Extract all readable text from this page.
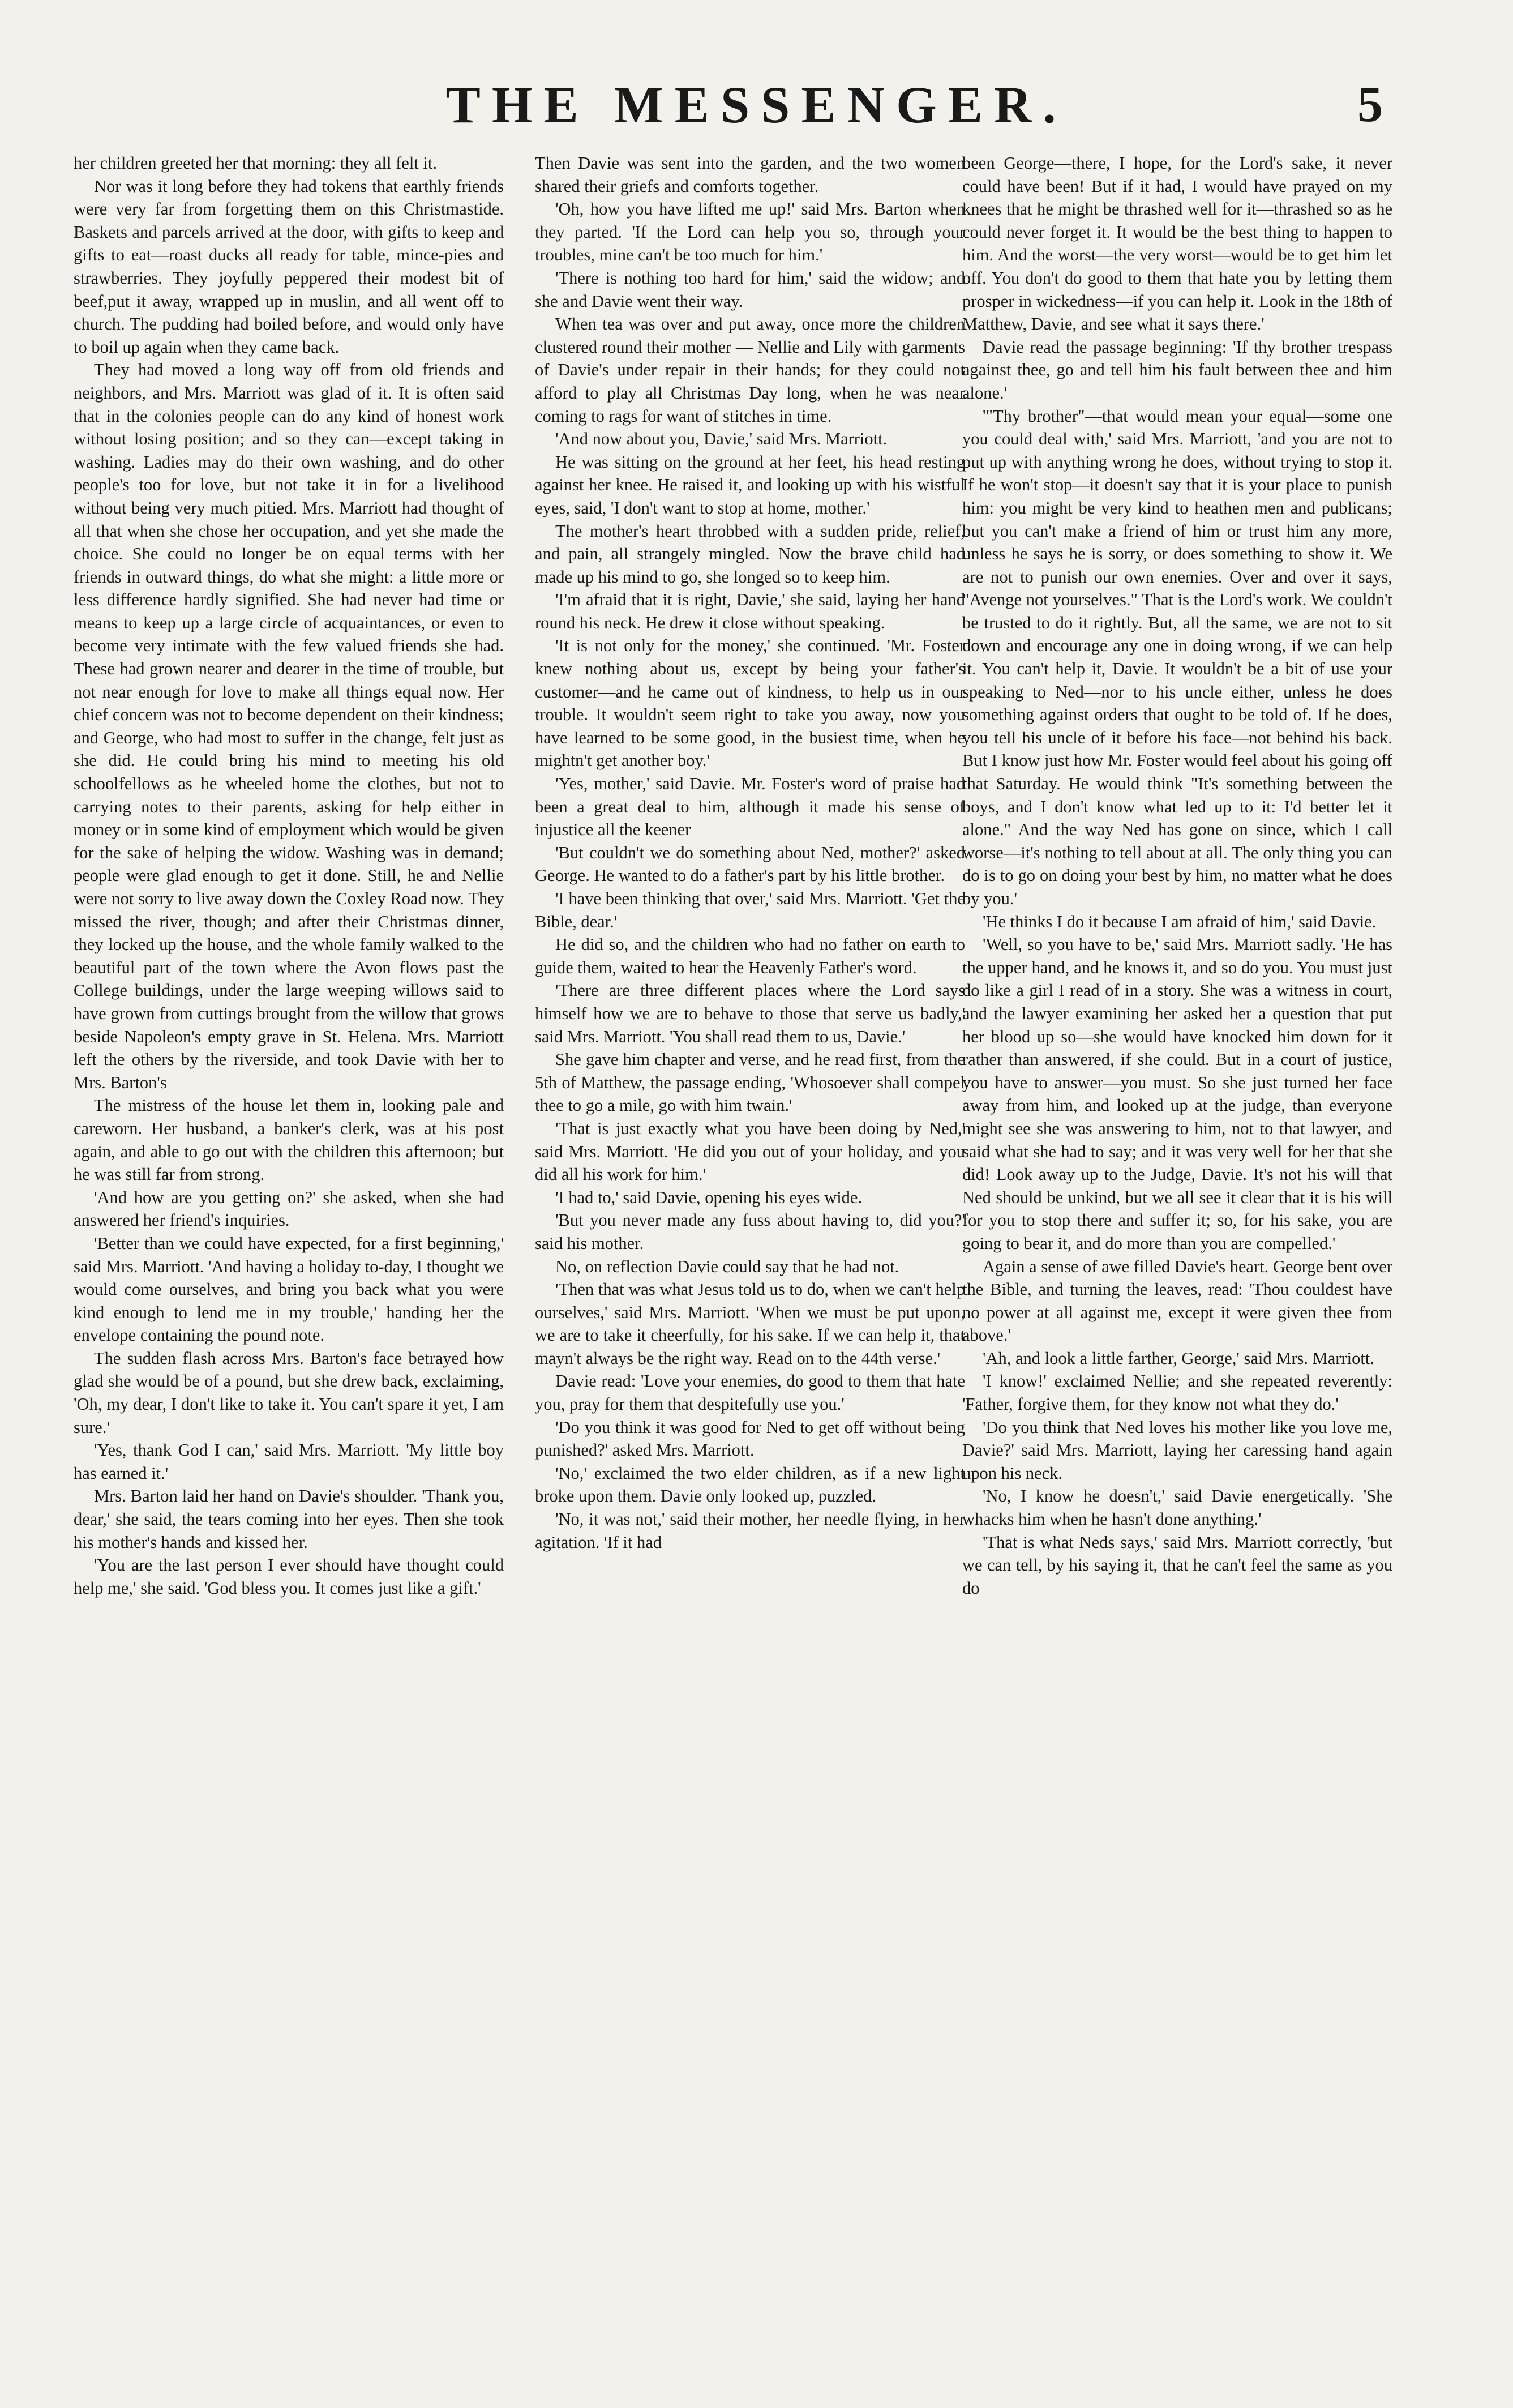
THE MESSENGER.	5

her children greeted her that morning: they all felt it.

Nor was it long before they had tokens that earthly friends were very far from forgetting them on this Christmastide. Baskets and parcels arrived at the door, with gifts to keep and gifts to eat—roast ducks all ready for table, mince-pies and strawberries. They joyfully peppered their modest bit of beef,put it away, wrapped up in muslin, and all went off to church. The pudding had boiled before, and would only have to boil up again when they came back.

They had moved a long way off from old friends and neighbors, and Mrs. Marriott was glad of it. It is often said that in the colonies people can do any kind of honest work without losing position; and so they can—except taking in washing. Ladies may do their own washing, and do other people's too for love, but not take it in for a livelihood without being very much pitied. Mrs. Marriott had thought of all that when she chose her occupation, and yet she made the choice. She could no longer be on equal terms with her friends in outward things, do what she might: a little more or less difference hardly signified. She had never had time or means to keep up a large circle of acquaintances, or even to become very intimate with the few valued friends she had. These had grown nearer and dearer in the time of trouble, but not near enough for love to make all things equal now. Her chief concern was not to become dependent on their kindness; and George, who had most to suffer in the change, felt just as she did. He could bring his mind to meeting his old schoolfellows as he wheeled home the clothes, but not to carrying notes to their parents, asking for help either in money or in some kind of employment which would be given for the sake of helping the widow. Washing was in demand; people were glad enough to get it done. Still, he and Nellie were not sorry to live away down the Coxley Road now. They missed the river, though; and after their Christmas dinner, they locked up the house, and the whole family walked to the beautiful part of the town where the Avon flows past the College buildings, under the large weeping willows said to have grown from cuttings brought from the willow that grows beside Napoleon's empty grave in St. Helena. Mrs. Marriott left the others by the riverside, and took Davie with her to Mrs. Barton's

The mistress of the house let them in, looking pale and careworn. Her husband, a banker's clerk, was at his post again, and able to go out with the children this afternoon; but he was still far from strong.

'And how are you getting on?' she asked, when she had answered her friend's inquiries.

'Better than we could have expected, for a first beginning,' said Mrs. Marriott. 'And having a holiday to-day, I thought we would come ourselves, and bring you back what you were kind enough to lend me in my trouble,' handing her the envelope containing the pound note.

The sudden flash across Mrs. Barton's face betrayed how glad she would be of a pound, but she drew back, exclaiming, 'Oh, my dear, I don't like to take it. You can't spare it yet, I am sure.'

'Yes, thank God I can,' said Mrs. Marriott. 'My little boy has earned it.'

Mrs. Barton laid her hand on Davie's shoulder. 'Thank you, dear,' she said, the tears coming into her eyes. Then she took his mother's hands and kissed her.

'You are the last person I ever should have thought could help me,' she said. 'God bless you. It comes just like a gift.'

Then Davie was sent into the garden, and the two women shared their griefs and comforts together.

'Oh, how you have lifted me up!' said Mrs. Barton when they parted. 'If the Lord can help you so, through your troubles, mine can't be too much for him.'

'There is nothing too hard for him,' said the widow; and she and Davie went their way.

When tea was over and put away, once more the children clustered round their mother — Nellie and Lily with garments of Davie's under repair in their hands; for they could not afford to play all Christmas Day long, when he was near coming to rags for want of stitches in time.

'And now about you, Davie,' said Mrs. Marriott.

He was sitting on the ground at her feet, his head resting against her knee. He raised it, and looking up with his wistful eyes, said, 'I don't want to stop at home, mother.'

The mother's heart throbbed with a sudden pride, relief, and pain, all strangely mingled. Now the brave child had made up his mind to go, she longed so to keep him.

'I'm afraid that it is right, Davie,' she said, laying her hand round his neck. He drew it close without speaking.

'It is not only for the money,' she continued. 'Mr. Foster knew nothing about us, except by being your father's customer—and he came out of kindness, to help us in our trouble. It wouldn't seem right to take you away, now you have learned to be some good, in the busiest time, when he mightn't get another boy.'

'Yes, mother,' said Davie. Mr. Foster's word of praise had been a great deal to him, although it made his sense of injustice all the keener

'But couldn't we do something about Ned, mother?' asked George. He wanted to do a father's part by his little brother.

'I have been thinking that over,' said Mrs. Marriott. 'Get the Bible, dear.'

He did so, and the children who had no father on earth to guide them, waited to hear the Heavenly Father's word.

'There are three different places where the Lord says himself how we are to behave to those that serve us badly,' said Mrs. Marriott. 'You shall read them to us, Davie.'

She gave him chapter and verse, and he read first, from the 5th of Matthew, the passage ending, 'Whosoever shall compel thee to go a mile, go with him twain.'

'That is just exactly what you have been doing by Ned,' said Mrs. Marriott. 'He did you out of your holiday, and you did all his work for him.'

'I had to,' said Davie, opening his eyes wide.

'But you never made any fuss about having to, did you?' said his mother.

No, on reflection Davie could say that he had not.

'Then that was what Jesus told us to do, when we can't help ourselves,' said Mrs. Marriott. 'When we must be put upon, we are to take it cheerfully, for his sake. If we can help it, that mayn't always be the right way. Read on to the 44th verse.'

Davie read: 'Love your enemies, do good to them that hate you, pray for them that despitefully use you.'

'Do you think it was good for Ned to get off without being punished?' asked Mrs. Marriott.

'No,' exclaimed the two elder children, as if a new light broke upon them. Davie only looked up, puzzled.

'No, it was not,' said their mother, her needle flying, in her agitation. 'If it had

been George—there, I hope, for the Lord's sake, it never could have been! But if it had, I would have prayed on my knees that he might be thrashed well for it—thrashed so as he could never forget it. It would be the best thing to happen to him. And the worst—the very worst—would be to get him let off. You don't do good to them that hate you by letting them prosper in wickedness—if you can help it. Look in the 18th of Matthew, Davie, and see what it says there.'

Davie read the passage beginning: 'If thy brother trespass against thee, go and tell him his fault between thee and him alone.'

'"Thy brother"—that would mean your equal—some one you could deal with,' said Mrs. Marriott, 'and you are not to put up with anything wrong he does, without trying to stop it. If he won't stop—it doesn't say that it is your place to punish him: you might be very kind to heathen men and publicans; but you can't make a friend of him or trust him any more, unless he says he is sorry, or does something to show it. We are not to punish our own enemies. Over and over it says, "Avenge not yourselves." That is the Lord's work. We couldn't be trusted to do it rightly. But, all the same, we are not to sit down and encourage any one in doing wrong, if we can help it. You can't help it, Davie. It wouldn't be a bit of use your speaking to Ned—nor to his uncle either, unless he does something against orders that ought to be told of. If he does, you tell his uncle of it before his face—not behind his back. But I know just how Mr. Foster would feel about his going off that Saturday. He would think "It's something between the boys, and I don't know what led up to it: I'd better let it alone." And the way Ned has gone on since, which I call worse—it's nothing to tell about at all. The only thing you can do is to go on doing your best by him, no matter what he does by you.'

'He thinks I do it because I am afraid of him,' said Davie.

'Well, so you have to be,' said Mrs. Marriott sadly. 'He has the upper hand, and he knows it, and so do you. You must just do like a girl I read of in a story. She was a witness in court, and the lawyer examining her asked her a question that put her blood up so—she would have knocked him down for it rather than answered, if she could. But in a court of justice, you have to answer—you must. So she just turned her face away from him, and looked up at the judge, than everyone might see she was answering to him, not to that lawyer, and said what she had to say; and it was very well for her that she did! Look away up to the Judge, Davie. It's not his will that Ned should be unkind, but we all see it clear that it is his will for you to stop there and suffer it; so, for his sake, you are going to bear it, and do more than you are compelled.'

Again a sense of awe filled Davie's heart. George bent over the Bible, and turning the leaves, read: 'Thou couldest have no power at all against me, except it were given thee from above.'

'Ah, and look a little farther, George,' said Mrs. Marriott.

'I know!' exclaimed Nellie; and she repeated reverently: 'Father, forgive them, for they know not what they do.'

'Do you think that Ned loves his mother like you love me, Davie?' said Mrs. Marriott, laying her caressing hand again upon his neck.

'No, I know he doesn't,' said Davie energetically. 'She whacks him when he hasn't done anything.'

'That is what Neds says,' said Mrs. Marriott correctly, 'but we can tell, by his saying it, that he can't feel the same as you do
